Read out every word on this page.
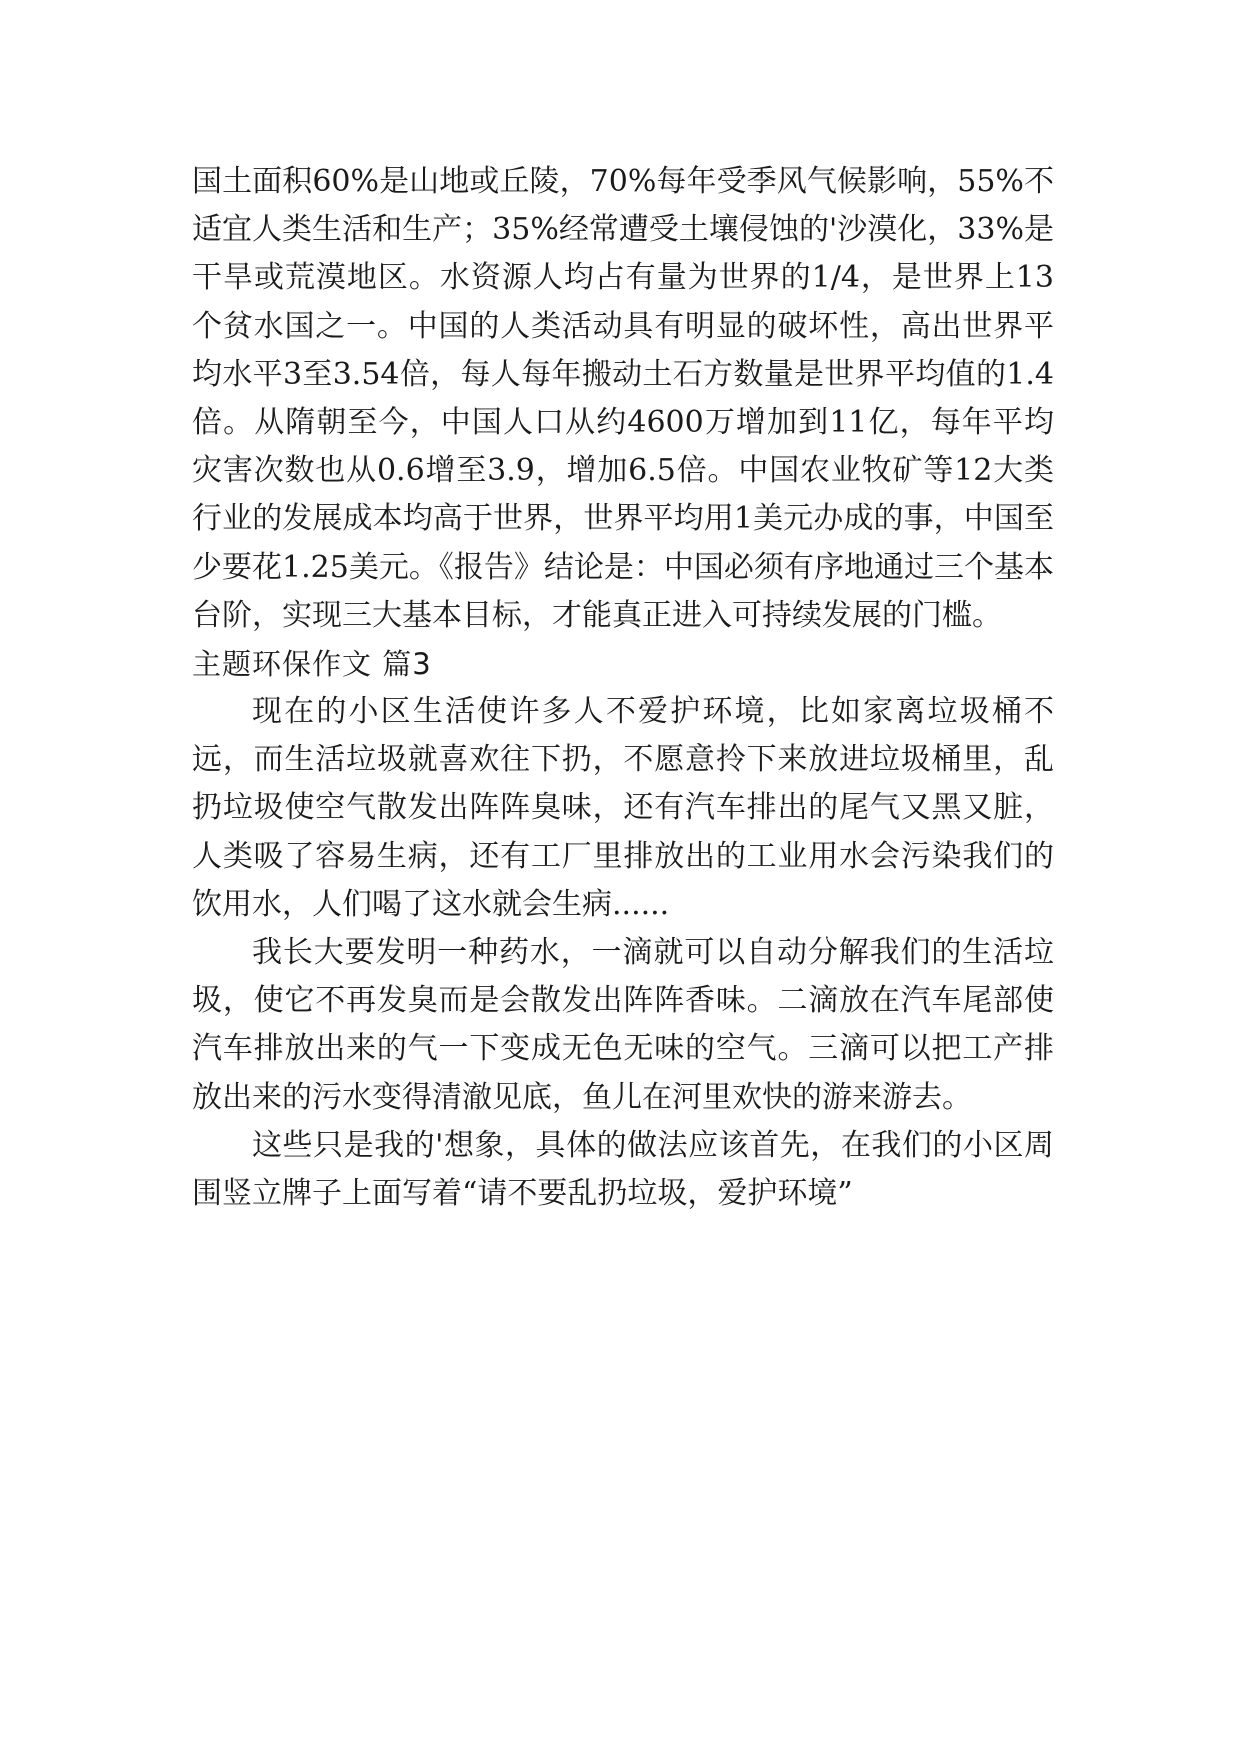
国土面积60%是山地或丘陵，70%每年受季风气候影响，55%不适宜人类生活和生产；35%经常遭受土壤侵蚀的'沙漠化，33%是干旱或荒漠地区。水资源人均占有量为世界的1/4，是世界上13个贫水国之一。中国的人类活动具有明显的破坏性，高出世界平均水平3至3.54倍，每人每年搬动土石方数量是世界平均值的1.4倍。从隋朝至今，中国人口从约4600万增加到11亿，每年平均灾害次数也从0.6增至3.9，增加6.5倍。中国农业牧矿等12大类行业的发展成本均高于世界，世界平均用1美元办成的事，中国至少要花1.25美元。《报告》结论是：中国必须有序地通过三个基本台阶，实现三大基本目标，才能真正进入可持续发展的门槛。

主题环保作文 篇3

现在的小区生活使许多人不爱护环境，比如家离垃圾桶不远，而生活垃圾就喜欢往下扔，不愿意拎下来放进垃圾桶里，乱扔垃圾使空气散发出阵阵臭味，还有汽车排出的尾气又黑又脏，人类吸了容易生病，还有工厂里排放出的工业用水会污染我们的饮用水，人们喝了这水就会生病......

我长大要发明一种药水，一滴就可以自动分解我们的生活垃圾，使它不再发臭而是会散发出阵阵香味。二滴放在汽车尾部使汽车排放出来的气一下变成无色无味的空气。三滴可以把工产排放出来的污水变得清澈见底，鱼儿在河里欢快的游来游去。

这些只是我的'想象，具体的做法应该首先，在我们的小区周围竖立牌子上面写着“请不要乱扔垃圾，爱护环境”
